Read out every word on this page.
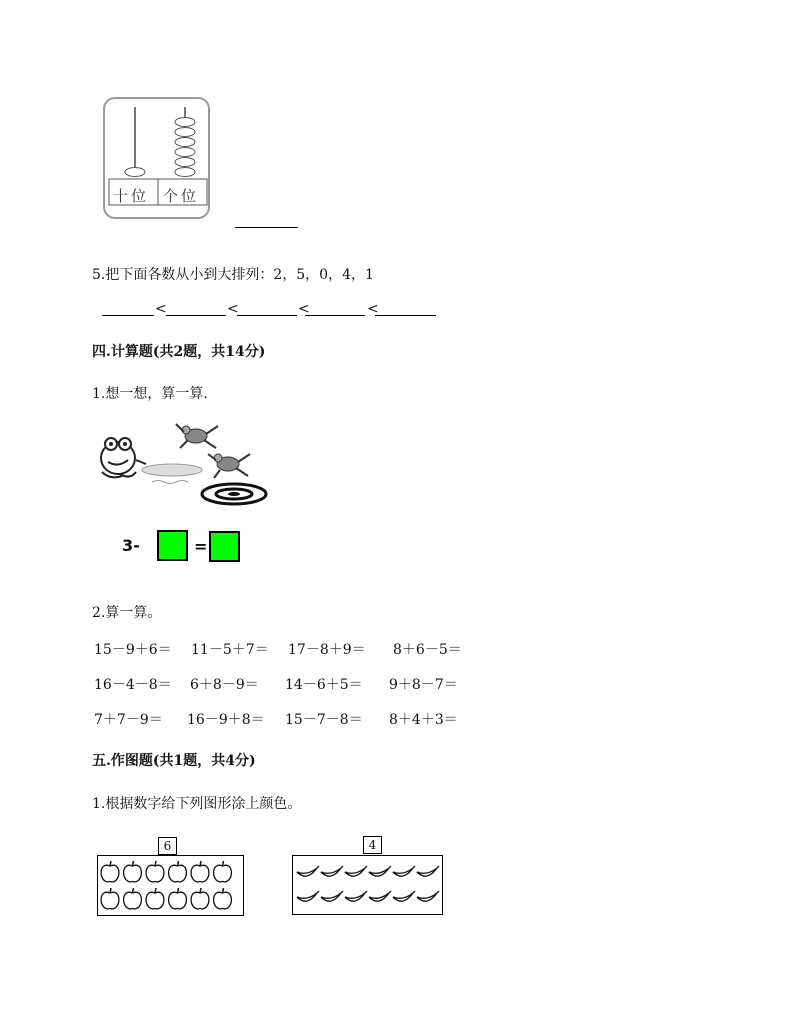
十位 个位
5.把下面各数从小到大排列：2，5，0，4，1
<	<	<	<
四.计算题(共2题，共14分)
1.想一想，算一算.
3-	=
2.算一算。
15－9＋6＝ 11－5＋7＝ 17－8＋9＝ 8＋6－5＝
16－4－8＝ 6＋8－9＝ 14－6＋5＝ 9＋8－7＝
7＋7－9＝ 16－9＋8＝ 15－7－8＝ 8＋4＋3＝
五.作图题(共1题，共4分)
1.根据数字给下列图形涂上颜色。
6	4
